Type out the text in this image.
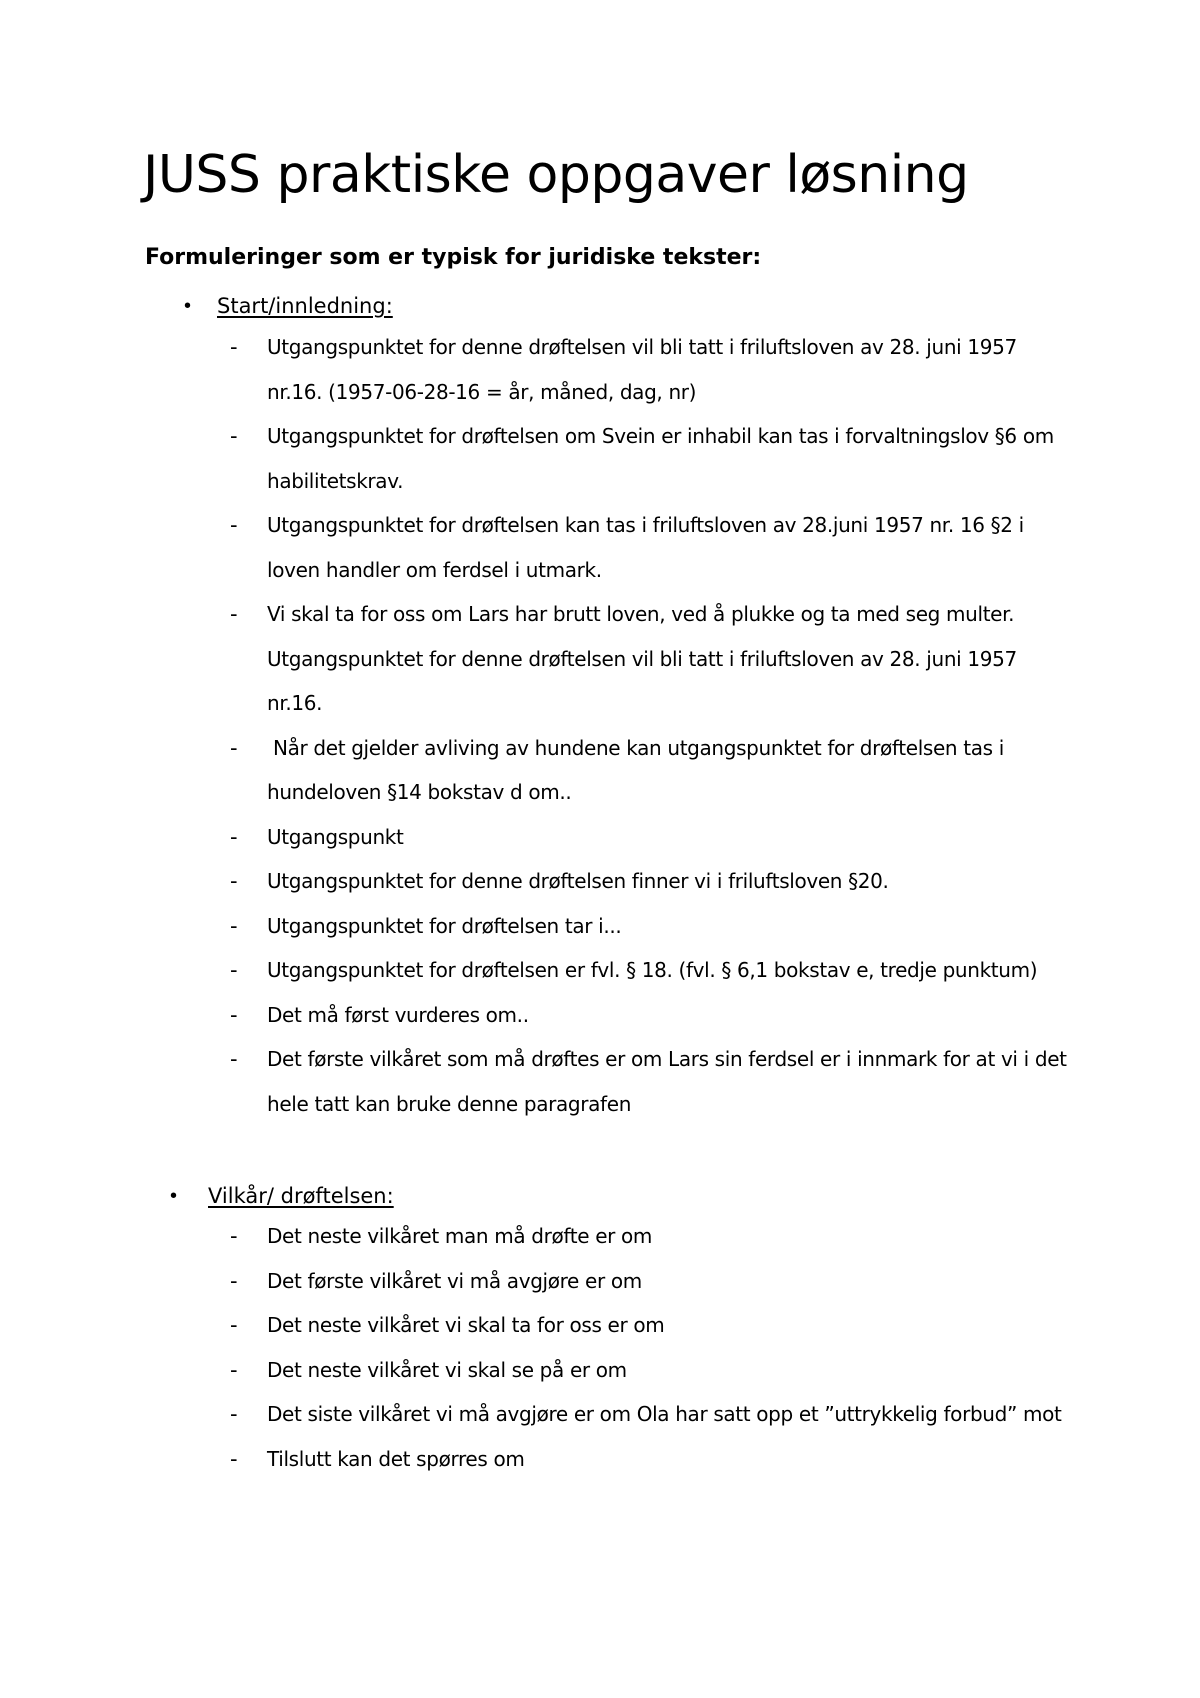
JUSS praktiske oppgaver løsning
Formuleringer som er typisk for juridiske tekster:
• Start/innledning:
- Utgangspunktet for denne drøftelsen vil bli tatt i friluftsloven av 28. juni 1957 nr.16. (1957-06-28-16 = år, måned, dag, nr)
- Utgangspunktet for drøftelsen om Svein er inhabil kan tas i forvaltningslov §6 om habilitetskrav.
- Utgangspunktet for drøftelsen kan tas i friluftsloven av 28.juni 1957 nr. 16 §2 i loven handler om ferdsel i utmark.
- Vi skal ta for oss om Lars har brutt loven, ved å plukke og ta med seg multer. Utgangspunktet for denne drøftelsen vil bli tatt i friluftsloven av 28. juni 1957 nr.16.
- Når det gjelder avliving av hundene kan utgangspunktet for drøftelsen tas i hundeloven §14 bokstav d om..
- Utgangspunkt
- Utgangspunktet for denne drøftelsen finner vi i friluftsloven §20.
- Utgangspunktet for drøftelsen tar i...
- Utgangspunktet for drøftelsen er fvl. § 18. (fvl. § 6,1 bokstav e, tredje punktum)
- Det må først vurderes om..
- Det første vilkåret som må drøftes er om Lars sin ferdsel er i innmark for at vi i det hele tatt kan bruke denne paragrafen
• Vilkår/ drøftelsen:
- Det neste vilkåret man må drøfte er om
- Det første vilkåret vi må avgjøre er om
- Det neste vilkåret vi skal ta for oss er om
- Det neste vilkåret vi skal se på er om
- Det siste vilkåret vi må avgjøre er om Ola har satt opp et ”uttrykkelig forbud” mot
- Tilslutt kan det spørres om
